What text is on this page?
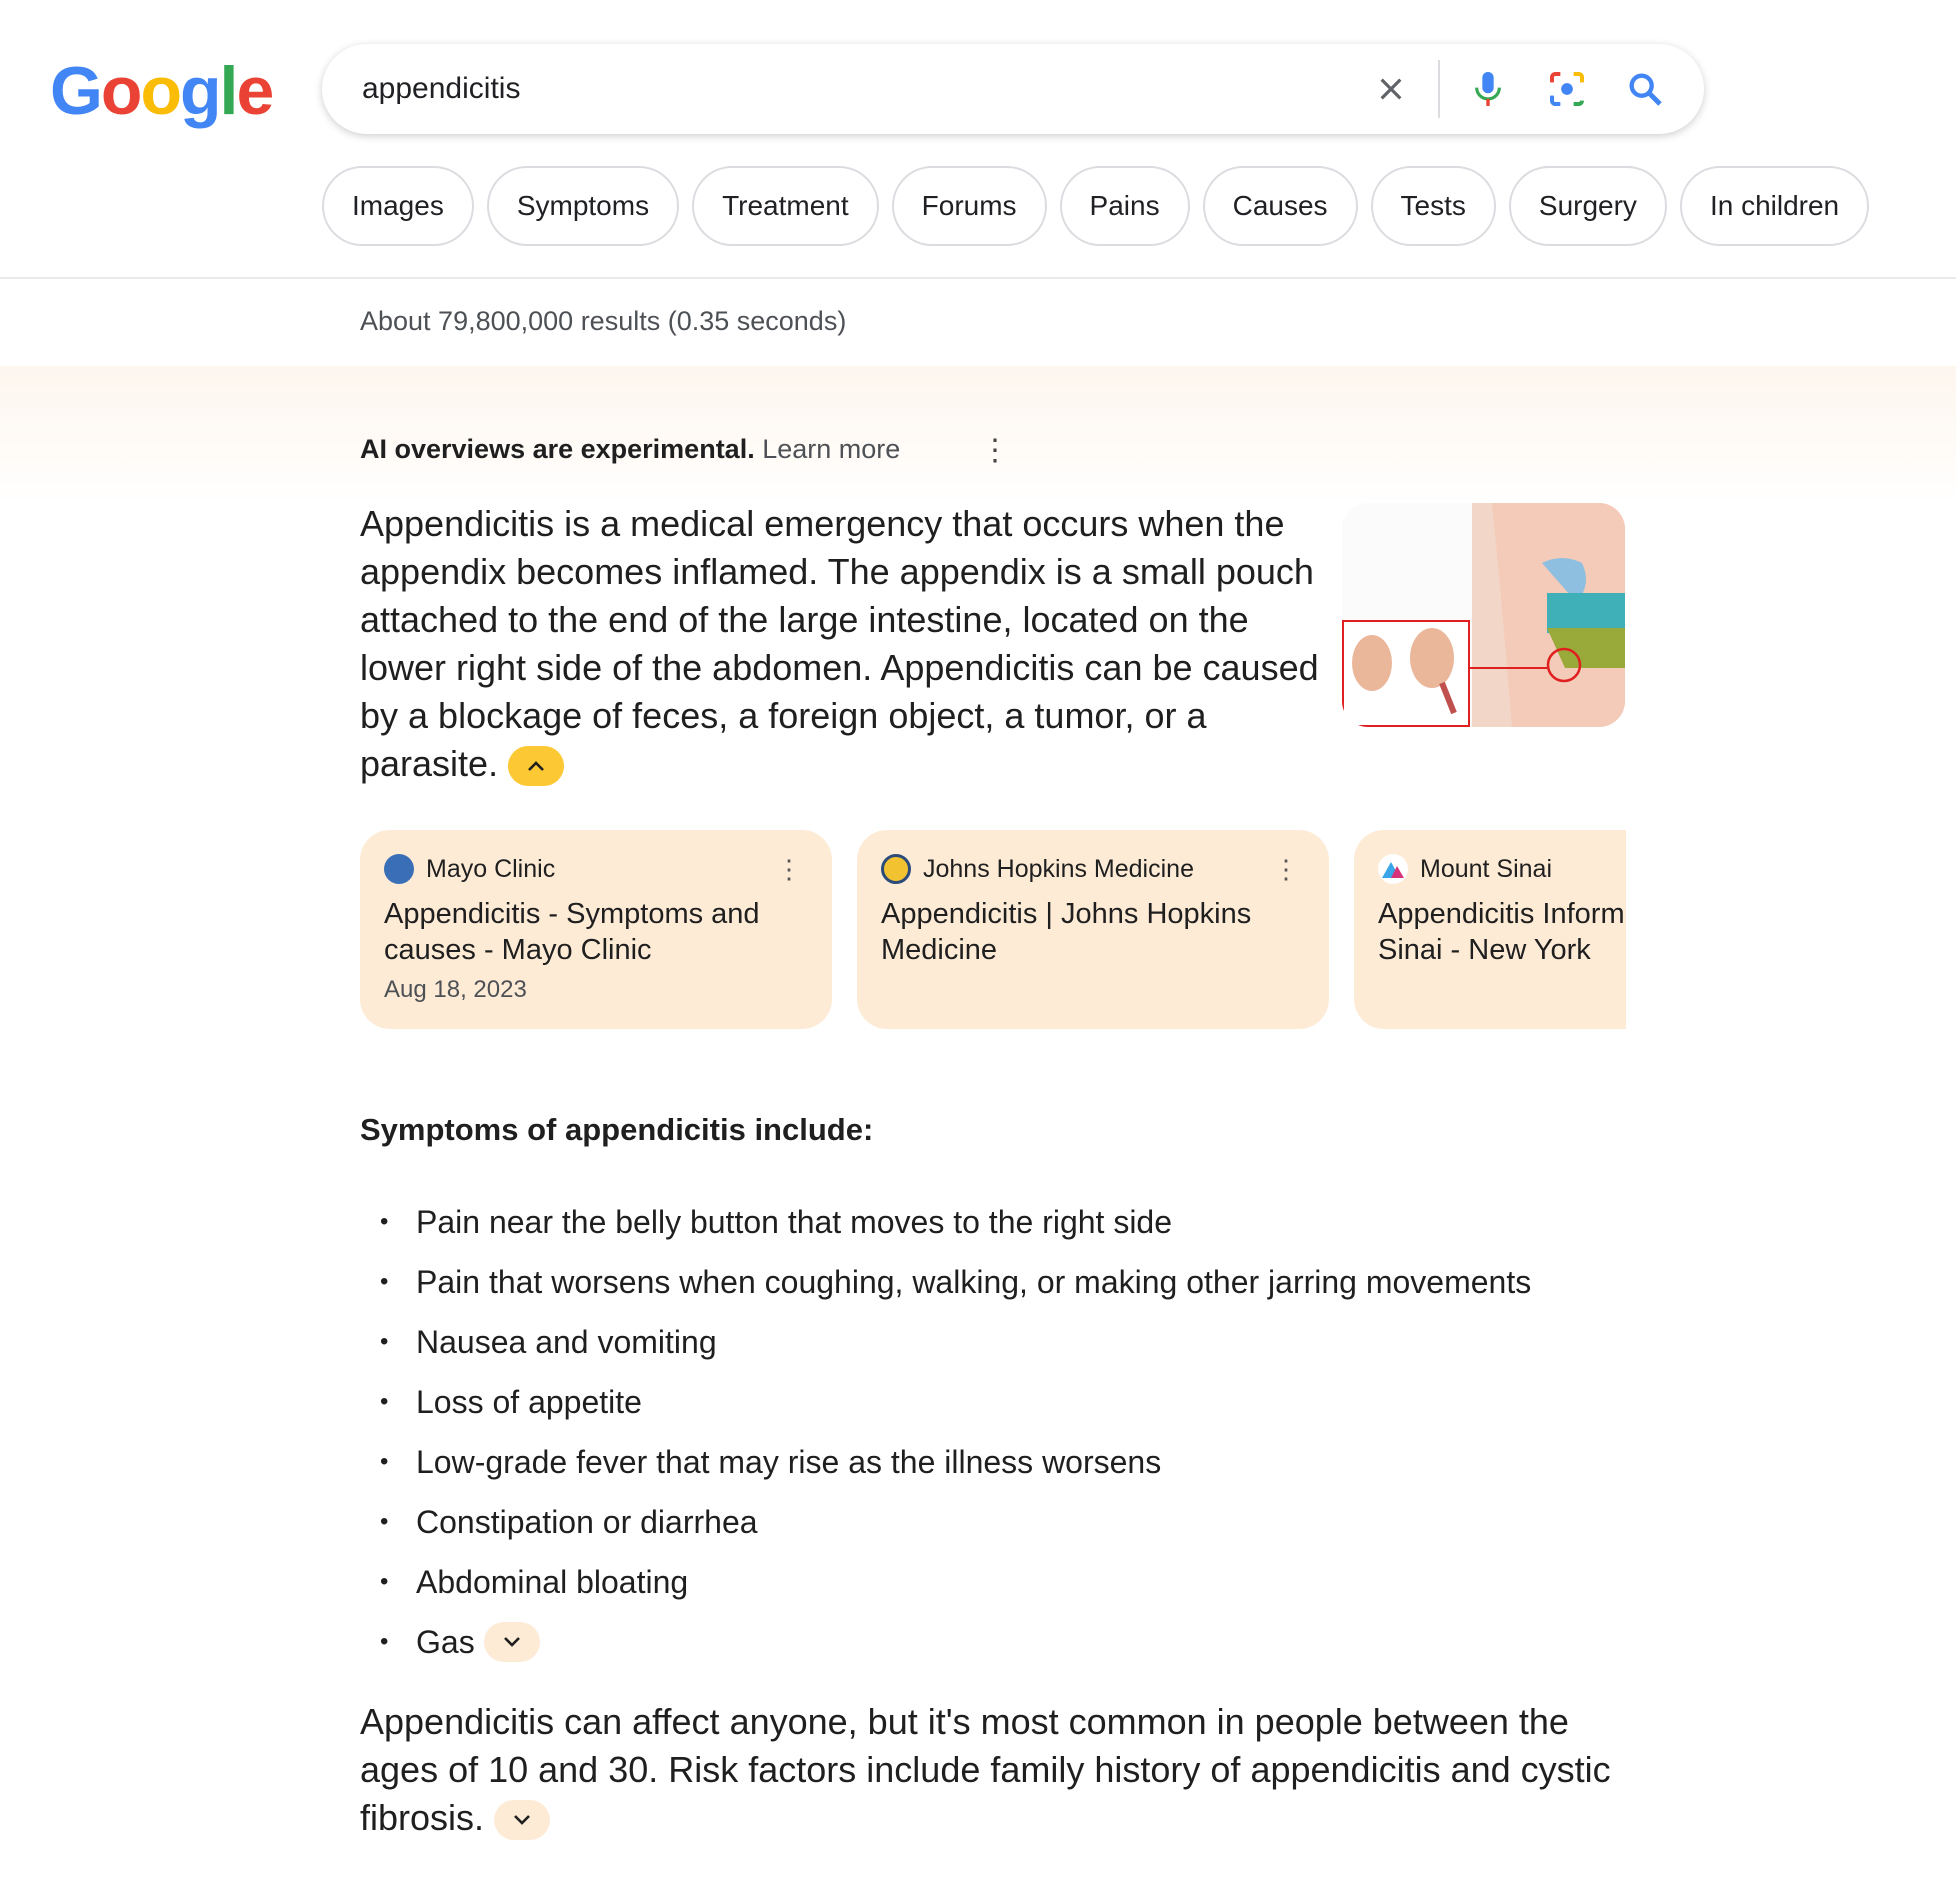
Google	appendicitis
Images	Symptoms	Treatment	Forums	Pains	Causes	Tests	Surgery	In children
About 79,800,000 results (0.35 seconds)
AI overviews are experimental. Learn more	⋮
Appendicitis is a medical emergency that occurs when the appendix becomes inflamed. The appendix is a small pouch attached to the end of the large intestine, located on the lower right side of the abdomen. Appendicitis can be caused by a blockage of feces, a foreign object, a tumor, or a parasite.
Mayo Clinic
Appendicitis - Symptoms and causes - Mayo Clinic
Aug 18, 2023
⋮	Johns Hopkins Medicine
Appendicitis | Johns Hopkins Medicine
⋮	Mount Sinai
Appendicitis Inform
Sinai - New York
Symptoms of appendicitis include:
• Pain near the belly button that moves to the right side
• Pain that worsens when coughing, walking, or making other jarring movements
• Nausea and vomiting
• Loss of appetite
• Low-grade fever that may rise as the illness worsens
• Constipation or diarrhea
• Abdominal bloating
• Gas

Appendicitis can affect anyone, but it's most common in people between the ages of 10 and 30. Risk factors include family history of appendicitis and cystic fibrosis.
